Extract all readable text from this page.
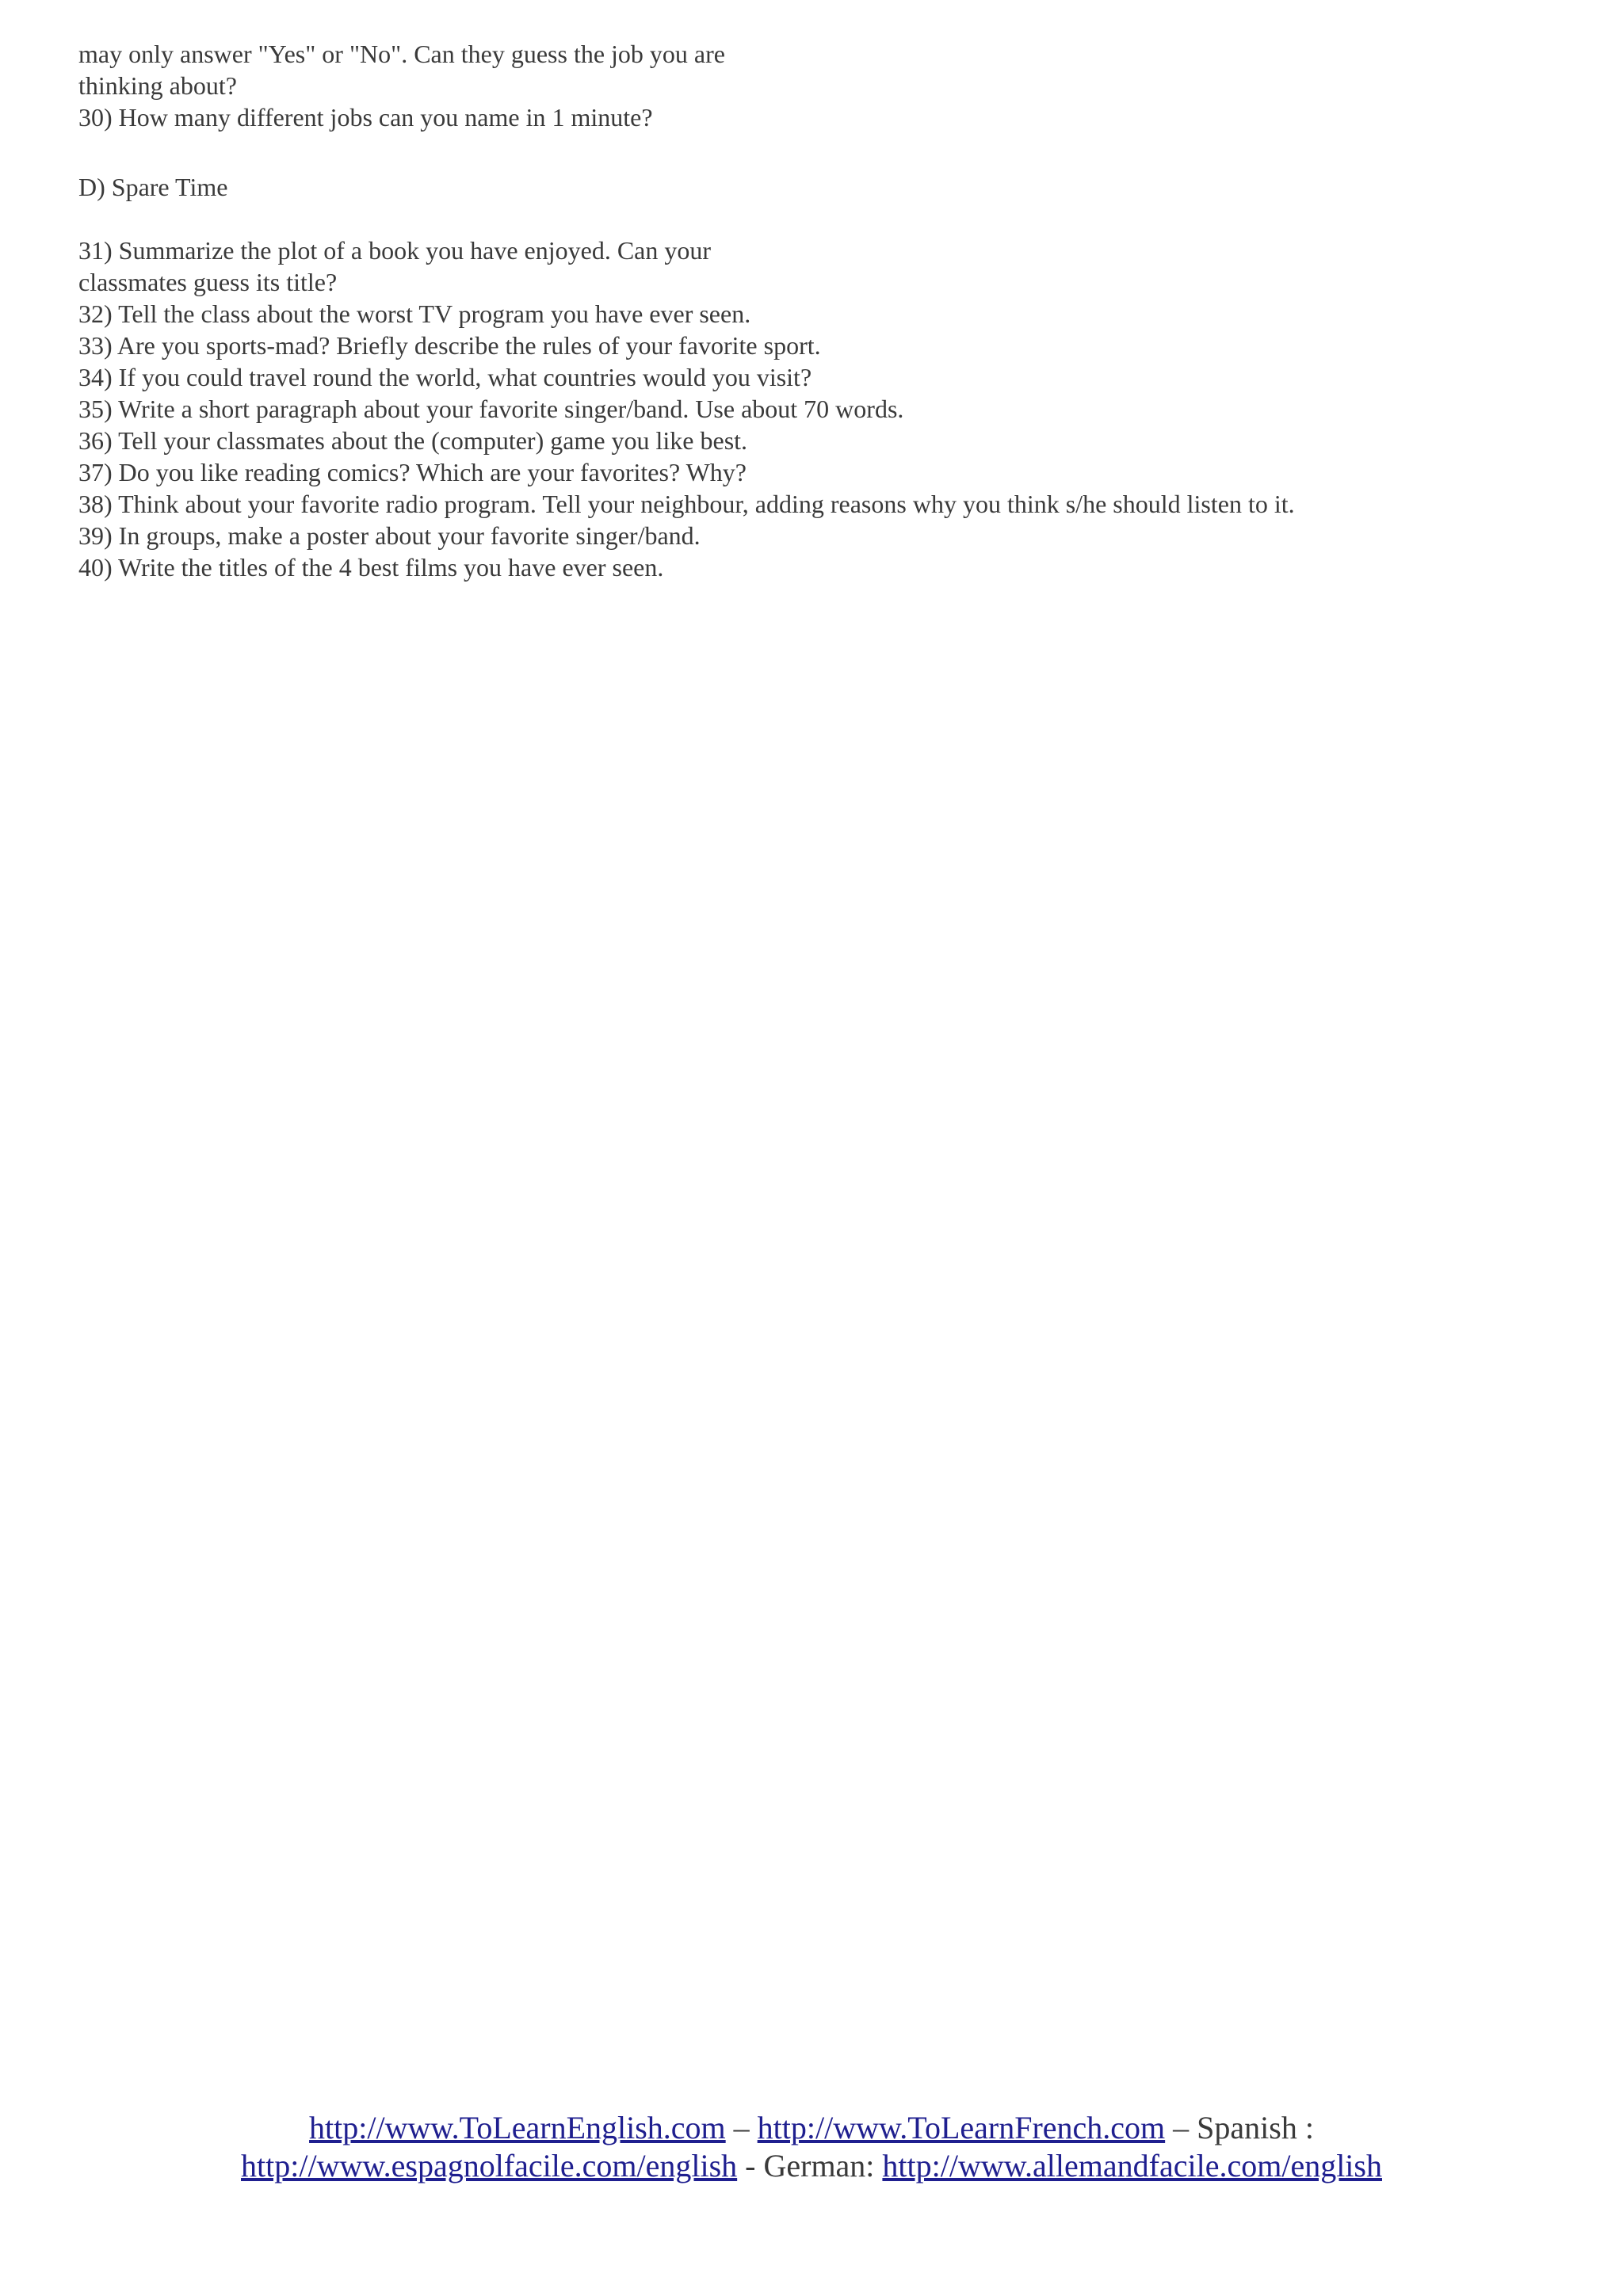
may only answer "Yes" or "No". Can they guess the job you are
thinking about?
30) How many different jobs can you name in 1 minute?
D) Spare Time
31) Summarize the plot of a book you have enjoyed. Can your
classmates guess its title?
32) Tell the class about the worst TV program you have ever seen.
33) Are you sports-mad? Briefly describe the rules of your favorite sport.
34) If you could travel round the world, what countries would you visit?
35) Write a short paragraph about your favorite singer/band. Use about 70 words.
36) Tell your classmates about the (computer) game you like best.
37) Do you like reading comics? Which are your favorites? Why?
38) Think about your favorite radio program. Tell your neighbour, adding reasons why you think s/he should listen to it.
39) In groups, make a poster about your favorite singer/band.
40) Write the titles of the 4 best films you have ever seen.
http://www.ToLearnEnglish.com – http://www.ToLearnFrench.com – Spanish :
http://www.espagnolfacile.com/english - German: http://www.allemandfacile.com/english
